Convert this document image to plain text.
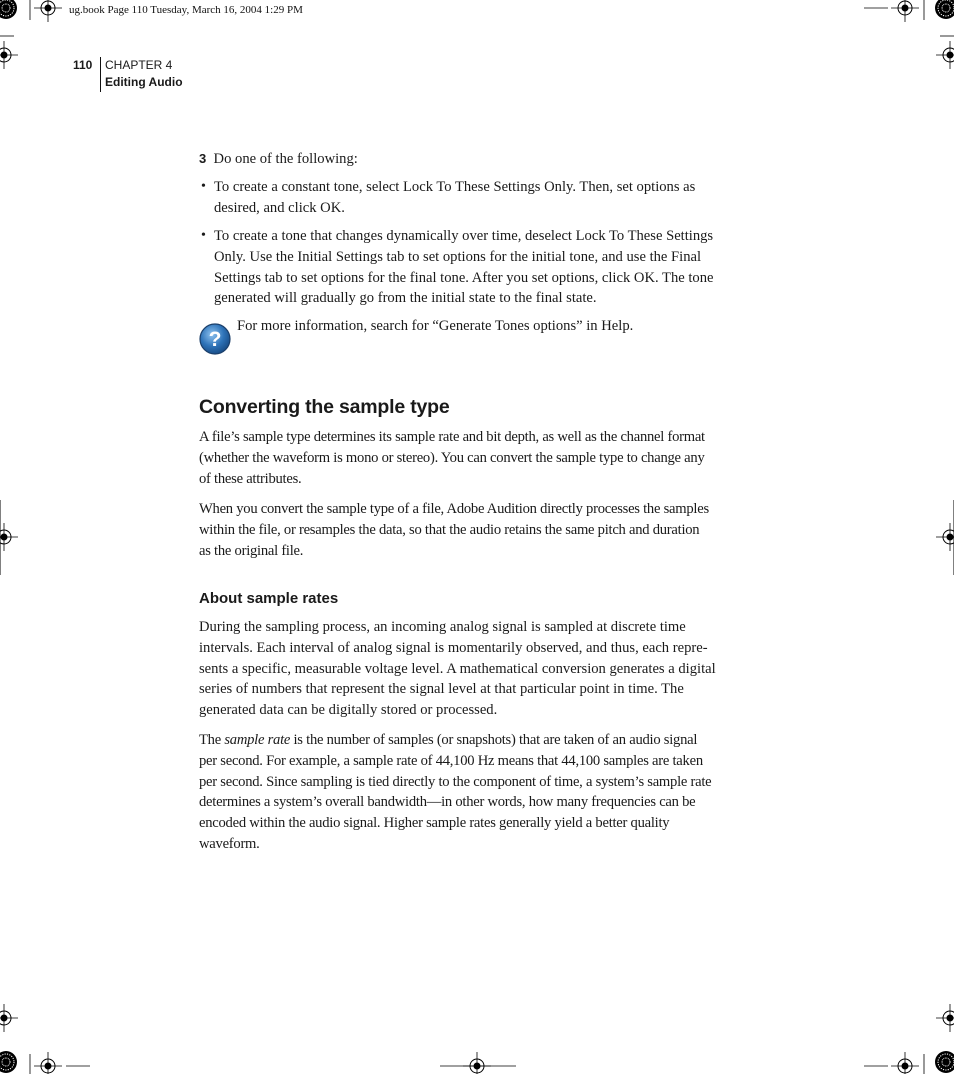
ug.book Page 110 Tuesday, March 16, 2004 1:29 PM
110 CHAPTER 4
Editing Audio
3 Do one of the following:
• To create a constant tone, select Lock To These Settings Only. Then, set options as
desired, and click OK.
• To create a tone that changes dynamically over time, deselect Lock To These Settings
Only. Use the Initial Settings tab to set options for the initial tone, and use the Final
Settings tab to set options for the final tone. After you set options, click OK. The tone
generated will gradually go from the initial state to the final state.
?
For more information, search for “Generate Tones options” in Help.
Converting the sample type
A file’s sample type determines its sample rate and bit depth, as well as the channel format
(whether the waveform is mono or stereo). You can convert the sample type to change any
of these attributes.
When you convert the sample type of a file, Adobe Audition directly processes the samples
within the file, or resamples the data, so that the audio retains the same pitch and duration
as the original file.
About sample rates
During the sampling process, an incoming analog signal is sampled at discrete time
intervals. Each interval of analog signal is momentarily observed, and thus, each repre-
sents a specific, measurable voltage level. A mathematical conversion generates a digital
series of numbers that represent the signal level at that particular point in time. The
generated data can be digitally stored or processed.
The sample rate is the number of samples (or snapshots) that are taken of an audio signal
per second. For example, a sample rate of 44,100 Hz means that 44,100 samples are taken
per second. Since sampling is tied directly to the component of time, a system’s sample rate
determines a system’s overall bandwidth—in other words, how many frequencies can be
encoded within the audio signal. Higher sample rates generally yield a better quality
waveform.
